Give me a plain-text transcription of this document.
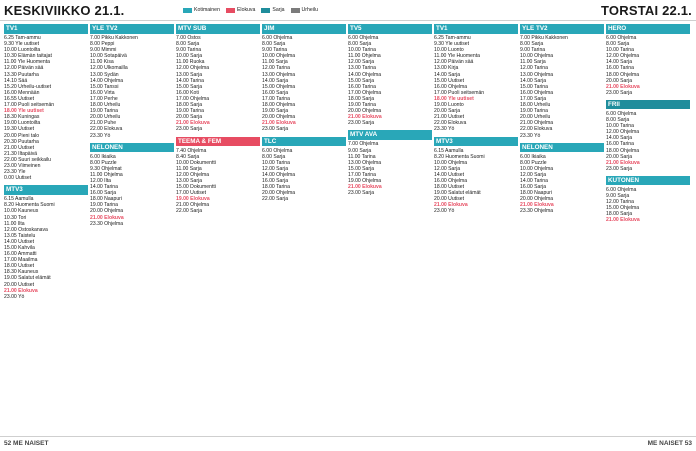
KESKIVIIKKO 21.1.	Kotimainen	Elokuva	Sarja	Urheilu	TORSTAI 22.1.
TV1
6.25 Tam-ammu
9.30 Yle uutiset
10.00 Luontoilta
10.30 Elämän taitajat
11.00 Yle Huomenta
12.00 Päivän sää
13.30 Puutarha
14.10 Sää
15.20 Urheilu-uutiset
16.00 Mennään
16.55 Uutiset
17.00 Puoli seitsemän
18.00 Yle uutiset
18.30 Kuningas
19.00 Luontoilta
19.30 Uutiset
20.00 Pieni talo
20.30 Puutarha
21.00 Uutiset
21.30 Iltapäivä
22.00 Suuri seikkailu
23.00 Viimeinen
23.30 Yle
0.00 Uutiset
MTV3
6.15 Aamulla
8.20 Huomenta Suomi
10.00 Kauneus
10.30 Tori
11.00 Ilta
12.00 Ostoskanava
13.05 Taistelu
14.00 Uutiset
15.00 Kahvila
16.00 Ammatti
17.00 Maailma
18.00 Uutiset
18.30 Kauneus
19.00 Salatut elämät
20.00 Uutiset
21.00 Elokuva
23.00 Yö
YLE TV2
7.00 Pikku Kakkonen
8.00 Peppi
9.00 Mimmi
10.00 Sotapäivä
11.00 Kisa
12.00 Ulkomailla
13.00 Sydän
14.00 Ohjelma
15.00 Tanssi
16.00 Virta
17.00 Perhe
18.00 Urheilu
19.00 Tarina
20.00 Urheilu
21.00 Puhe
22.00 Elokuva
23.30 Yö
NELONEN
6.00 Ikiaika
8.00 Puzzle
9.30 Ohjelmat
11.00 Ohjelma
12.00 Ilta
14.00 Tarina
16.00 Sarja
18.00 Naapuri
19.00 Tarina
20.00 Ohjelma
21.00 Elokuva
23.30 Ohjelma
MTV SUB
7.00 Ostos
8.00 Sarja
9.00 Tarina
10.00 Sarja
11.00 Ruoka
12.00 Ohjelma
13.00 Sarja
14.00 Tarina
15.00 Sarja
16.00 Koti
17.00 Ohjelma
18.00 Sarja
19.00 Tarina
20.00 Sarja
21.00 Elokuva
23.00 Sarja
TEEMA & FEM
7.40 Ohjelma
8.40 Sarja
10.00 Dokumentti
11.00 Sarja
12.00 Ohjelma
13.00 Sarja
15.00 Dokumentti
17.00 Uutiset
19.00 Elokuva
21.00 Ohjelma
22.00 Sarja
JIM
6.00 Ohjelma
8.00 Sarja
9.00 Tarina
10.00 Ohjelma
11.00 Sarja
12.00 Tarina
13.00 Ohjelma
14.00 Sarja
15.00 Ohjelma
16.00 Sarja
17.00 Tarina
18.00 Ohjelma
19.00 Sarja
20.00 Ohjelma
21.00 Elokuva
23.00 Sarja
TLC
6.00 Ohjelma
8.00 Sarja
10.00 Tarina
12.00 Sarja
14.00 Ohjelma
16.00 Sarja
18.00 Tarina
20.00 Ohjelma
22.00 Sarja
TV5
6.00 Ohjelma
8.00 Sarja
10.00 Tarina
11.00 Ohjelma
12.00 Sarja
13.00 Tarina
14.00 Ohjelma
15.00 Sarja
16.00 Tarina
17.00 Ohjelma
18.00 Sarja
19.00 Tarina
20.00 Ohjelma
21.00 Elokuva
23.00 Sarja
MTV AVA
7.00 Ohjelma
9.00 Sarja
11.00 Tarina
13.00 Ohjelma
15.00 Sarja
17.00 Tarina
19.00 Ohjelma
21.00 Elokuva
23.00 Sarja
TV1
6.25 Tam-ammu
9.30 Yle uutiset
10.00 Luonto
11.00 Yle Huomenta
12.00 Päivän sää
13.00 Kirja
14.00 Sarja
15.00 Uutiset
16.00 Ohjelma
17.00 Puoli seitsemän
18.00 Yle uutiset
19.00 Luonto
20.00 Sarja
21.00 Uutiset
22.00 Elokuva
23.30 Yö
MTV3
6.15 Aamulla
8.20 Huomenta Suomi
10.00 Ohjelma
12.00 Sarja
14.00 Uutiset
16.00 Ohjelma
18.00 Uutiset
19.00 Salatut elämät
20.00 Uutiset
21.00 Elokuva
23.00 Yö
YLE TV2
7.00 Pikku Kakkonen
8.00 Sarja
9.00 Tarina
10.00 Ohjelma
11.00 Sarja
12.00 Tarina
13.00 Ohjelma
14.00 Sarja
15.00 Tarina
16.00 Ohjelma
17.00 Sarja
18.00 Urheilu
19.00 Tarina
20.00 Urheilu
21.00 Ohjelma
22.00 Elokuva
23.30 Yö
NELONEN
6.00 Ikiaika
8.00 Puzzle
10.00 Ohjelma
12.00 Sarja
14.00 Tarina
16.00 Sarja
18.00 Naapuri
20.00 Ohjelma
21.00 Elokuva
23.30 Ohjelma
HERO
6.00 Ohjelma
8.00 Sarja
10.00 Tarina
12.00 Ohjelma
14.00 Sarja
16.00 Tarina
18.00 Ohjelma
20.00 Sarja
21.00 Elokuva
23.00 Sarja
FRII
6.00 Ohjelma
8.00 Sarja
10.00 Tarina
12.00 Ohjelma
14.00 Sarja
16.00 Tarina
18.00 Ohjelma
20.00 Sarja
21.00 Elokuva
23.00 Sarja
KUTONEN
6.00 Ohjelma
9.00 Sarja
12.00 Tarina
15.00 Ohjelma
18.00 Sarja
21.00 Elokuva
52 ME NAISET	ME NAISET 53
